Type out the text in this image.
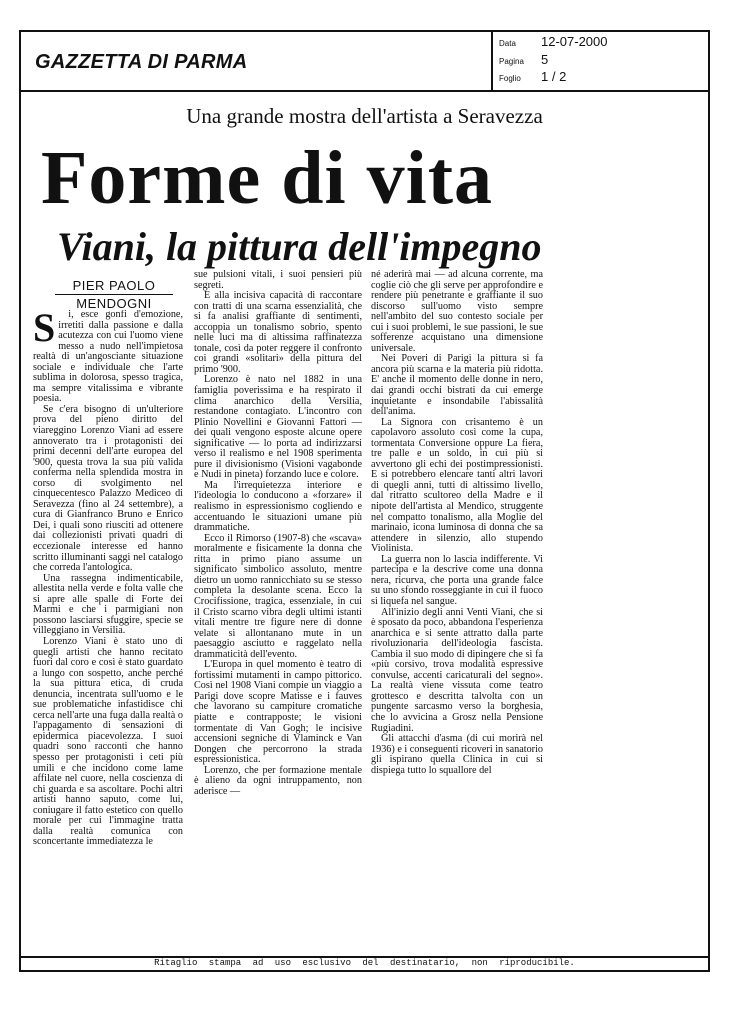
GAZZETTA DI PARMA
Data	12-07-2000
Pagina	5
Foglio	1 / 2
Una grande mostra dell'artista a Seravezza
Forme di vita
Viani, la pittura dell'impegno
PIER PAOLO
MENDOGNI
S	i, esce gonfi d'emozione, irretiti dalla passione e dalla acutezza con cui l'uomo viene messo a nudo nell'impietosa realtà di un'angosciante situazione sociale e individuale che l'arte sublima in dolorosa, spesso tragica, ma sempre vitalissima e vibrante poesia.

Se c'era bisogno di un'ulteriore prova del pieno diritto del viareggino Lorenzo Viani ad essere annoverato tra i protagonisti dei primi decenni dell'arte europea del '900, questa trova la sua più valida conferma nella splendida mostra in corso di svolgimento nel cinquecentesco Palazzo Mediceo di Seravezza (fino al 24 settembre), a cura di Gianfranco Bruno e Enrico Dei, i quali sono riusciti ad ottenere dai collezionisti privati quadri di eccezionale interesse ed hanno scritto illuminanti saggi nel catalogo che correda l'antologica.

Una rassegna indimenticabile, allestita nella verde e folta valle che si apre alle spalle di Forte dei Marmi e che i parmigiani non possono lasciarsi sfuggire, specie se villeggiano in Versilia.

Lorenzo Viani è stato uno di quegli artisti che hanno recitato fuori dal coro e così è stato guardato a lungo con sospetto, anche perché la sua pittura etica, di cruda denuncia, incentrata sull'uomo e le sue problematiche infastidisce chi cerca nell'arte una fuga dalla realtà o l'appagamento di sensazioni di epidermica piacevolezza. I suoi quadri sono racconti che hanno spesso per protagonisti i ceti più umili e che incidono come lame affilate nel cuore, nella coscienza di chi guarda e sa ascoltare. Pochi altri artisti hanno saputo, come lui, coniugare il fatto estetico con quello morale per cui l'immagine tratta dalla realtà comunica con sconcertante immediatezza le

sue pulsioni vitali, i suoi pensieri più segreti.

E alla incisiva capacità di raccontare con tratti di una scarna essenzialità, che si fa analisi graffiante di sentimenti, accoppia un tonalismo sobrio, spento nelle luci ma di altissima raffinatezza tonale, così da poter reggere il confronto coi grandi «solitari» della pittura del primo '900.

Lorenzo è nato nel 1882 in una famiglia poverissima e ha respirato il clima anarchico della Versilia, restandone contagiato. L'incontro con Plinio Novellini e Giovanni Fattori — dei quali vengono esposte alcune opere significative — lo porta ad indirizzarsi verso il realismo e nel 1908 sperimenta pure il divisionismo (Visioni vagabonde e Nudi in pineta) forzando luce e colore.

Ma l'irrequietezza interiore e l'ideologia lo conducono a «forzare» il realismo in espressionismo cogliendo e accentuando le situazioni umane più drammatiche.

Ecco il Rimorso (1907-8) che «scava» moralmente e fisicamente la donna che ritta in primo piano assume un significato simbolico assoluto, mentre dietro un uomo rannicchiato su se stesso completa la desolante scena. Ecco la Crocifissione, tragica, essenziale, in cui il Cristo scarno vibra degli ultimi istanti vitali mentre tre figure nere di donne velate si allontanano mute in un paesaggio asciutto e raggelato nella drammaticità dell'evento.

L'Europa in quel momento è teatro di fortissimi mutamenti in campo pittorico. Così nel 1908 Viani compie un viaggio a Parigi dove scopre Matisse e i fauves che lavorano su campiture cromatiche piatte e contrapposte; le visioni tormentate di Van Gogh; le incisive accensioni segniche di Vlaminck e Van Dongen che percorrono la strada espressionistica.

Lorenzo, che per formazione mentale è alieno da ogni intruppamento, non aderisce —

né aderirà mai — ad alcuna corrente, ma coglie ciò che gli serve per approfondire e rendere più penetrante e graffiante il suo discorso sull'uomo visto sempre nell'ambito del suo contesto sociale per cui i suoi problemi, le sue passioni, le sue sofferenze acquistano una dimensione universale.

Nei Poveri di Parigi la pittura si fa ancora più scarna e la materia più ridotta. E' anche il momento delle donne in nero, dai grandi occhi bistrati da cui emerge inquietante e insondabile l'abissalità dell'anima.

La Signora con crisantemo è un capolavoro assoluto così come la cupa, tormentata Conversione oppure La fiera, tre palle e un soldo, in cui più si avvertono gli echi dei postimpressionisti. E si potrebbero elencare tanti altri lavori di quegli anni, tutti di altissimo livello, dal ritratto scultoreo della Madre e il nipote dell'artista al Mendico, struggente nel compatto tonalismo, alla Moglie del marinaio, icona luminosa di donna che sa attendere in silenzio, allo stupendo Violinista.

La guerra non lo lascia indifferente. Vi partecipa e la descrive come una donna nera, ricurva, che porta una grande falce su uno sfondo rosseggiante in cui il fuoco si liquefa nel sangue.

All'inizio degli anni Venti Viani, che si è sposato da poco, abbandona l'esperienza anarchica e si sente attratto dalla parte rivoluzionaria dell'ideologia fascista. Cambia il suo modo di dipingere che si fa «più corsivo, trova modalità espressive convulse, accenti caricaturali del segno». La realtà viene vissuta come teatro grottesco e descritta talvolta con un pungente sarcasmo verso la borghesia, che lo avvicina a Grosz nella Pensione Rugiadini.

Gli attacchi d'asma (di cui morirà nel 1936) e i conseguenti ricoveri in sanatorio gli ispirano quella Clinica in cui si dispiega tutto lo squallore del

Ritaglio stampa ad uso esclusivo del destinatario, non riproducibile.
